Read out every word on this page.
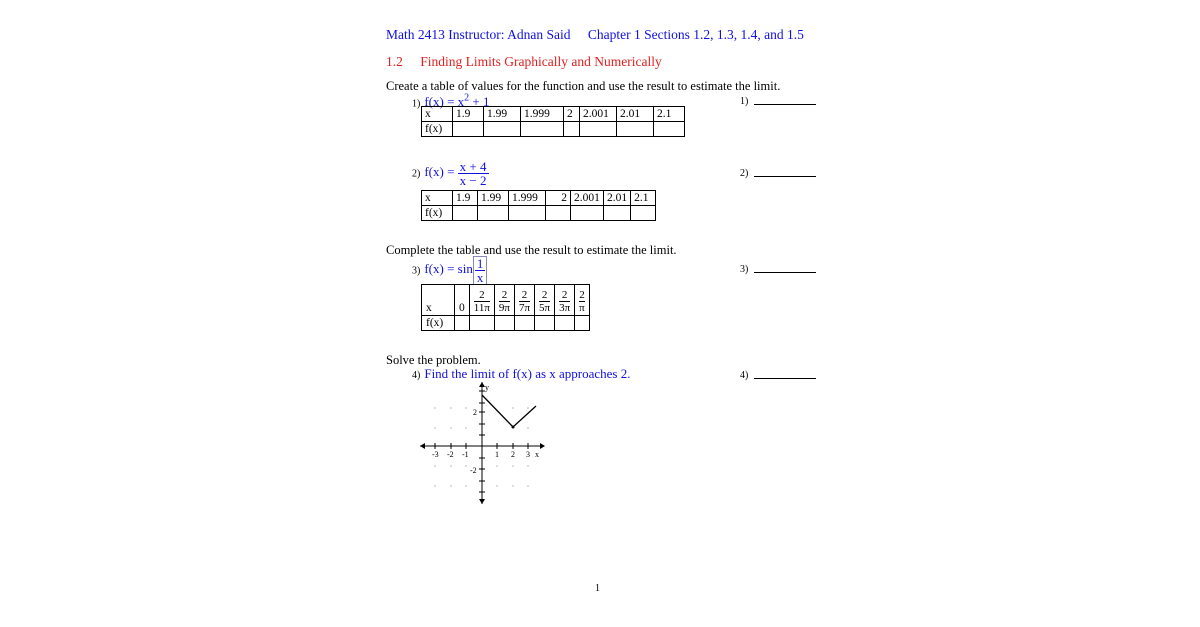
Math 2413 Instructor: Adnan Said Chapter 1 Sections 1.2, 1.3, 1.4, and 1.5
1.2 Finding Limits Graphically and Numerically
Create a table of values for the function and use the result to estimate the limit.
1) $f(x) = x^2 + 1$	1)
x	1.9	1.99	1.999	2	2.001	2.01	2.1
f(x)							
2) $f(x) = \frac{x + 4}{x - 2}$	2)
x	1.9	1.99	1.999	2	2.001	2.01	2.1
f(x)							
Complete the table and use the result to estimate the limit.
3) $f(x) = \sin \frac{1}{x}$	3)
x	0	$\frac{2}{11\pi}$	$\frac{2}{9\pi}$	$\frac{2}{7\pi}$	$\frac{2}{5\pi}$	$\frac{2}{3\pi}$	$\frac{2}{\pi}$

f(x)							
Solve the problem.
4) Find the limit of f(x) as x approaches 2.	4)
-3 -2 -1	1 2 3 x
y
2
-2
1
